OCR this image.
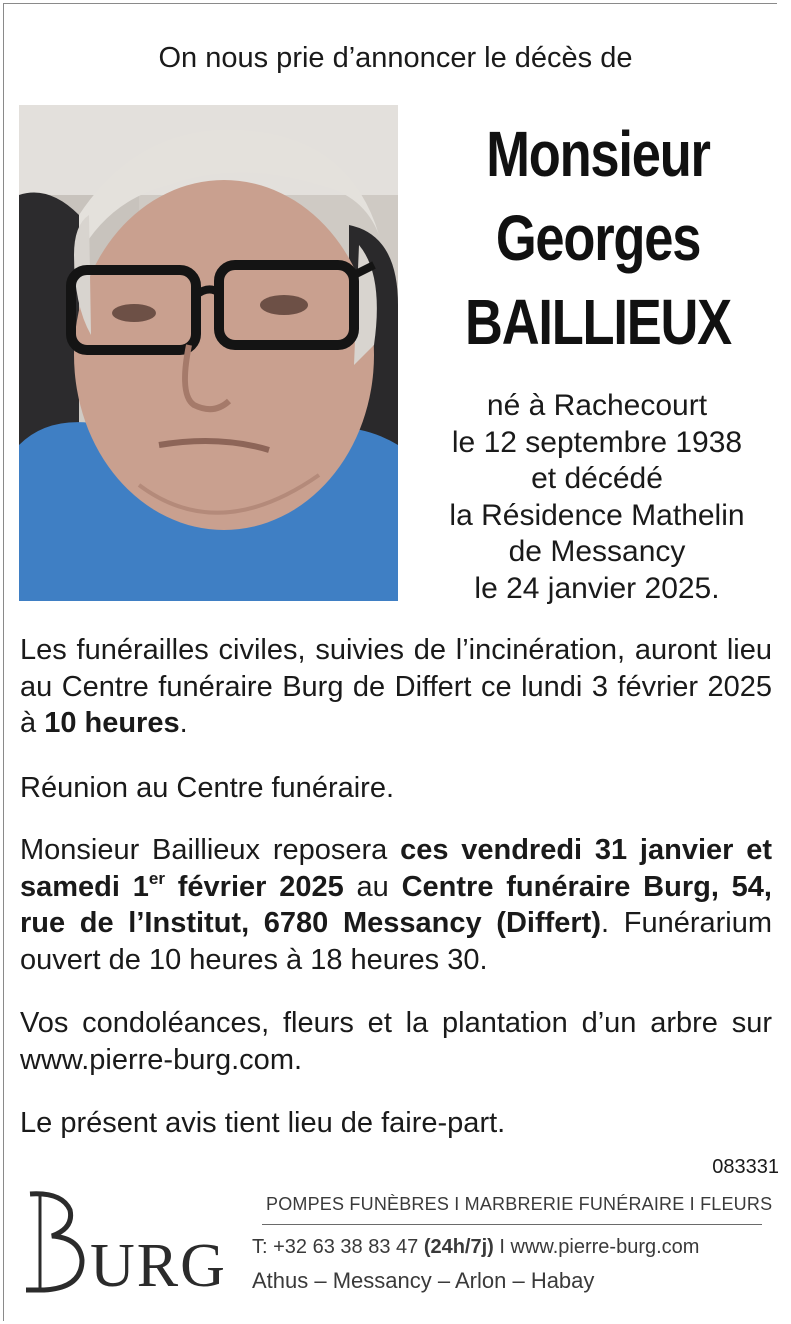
On nous prie d’annoncer le décès de
Monsieur
Georges
BAILLIEUX
né à Rachecourt
le 12 septembre 1938
et décédé
la Résidence Mathelin
de Messancy
le 24 janvier 2025.
Les funérailles civiles, suivies de l’incinération, auront lieu au Centre funéraire Burg de Differt ce lundi 3 février 2025 à 10 heures.
Réunion au Centre funéraire.
Monsieur Baillieux reposera ces vendredi 31 janvier et samedi 1er février 2025 au Centre funéraire Burg, 54, rue de l’Institut, 6780 Messancy (Differt). Funérarium ouvert de 10 heures à 18 heures 30.
Vos condoléances, fleurs et la plantation d’un arbre sur www.pierre-burg.com.
Le présent avis tient lieu de faire-part.
083331
URG
POMPES FUNÈBRES I MARBRERIE FUNÉRAIRE I FLEURS
T: +32 63 38 83 47 (24h/7j) I www.pierre-burg.com
Athus – Messancy – Arlon – Habay
